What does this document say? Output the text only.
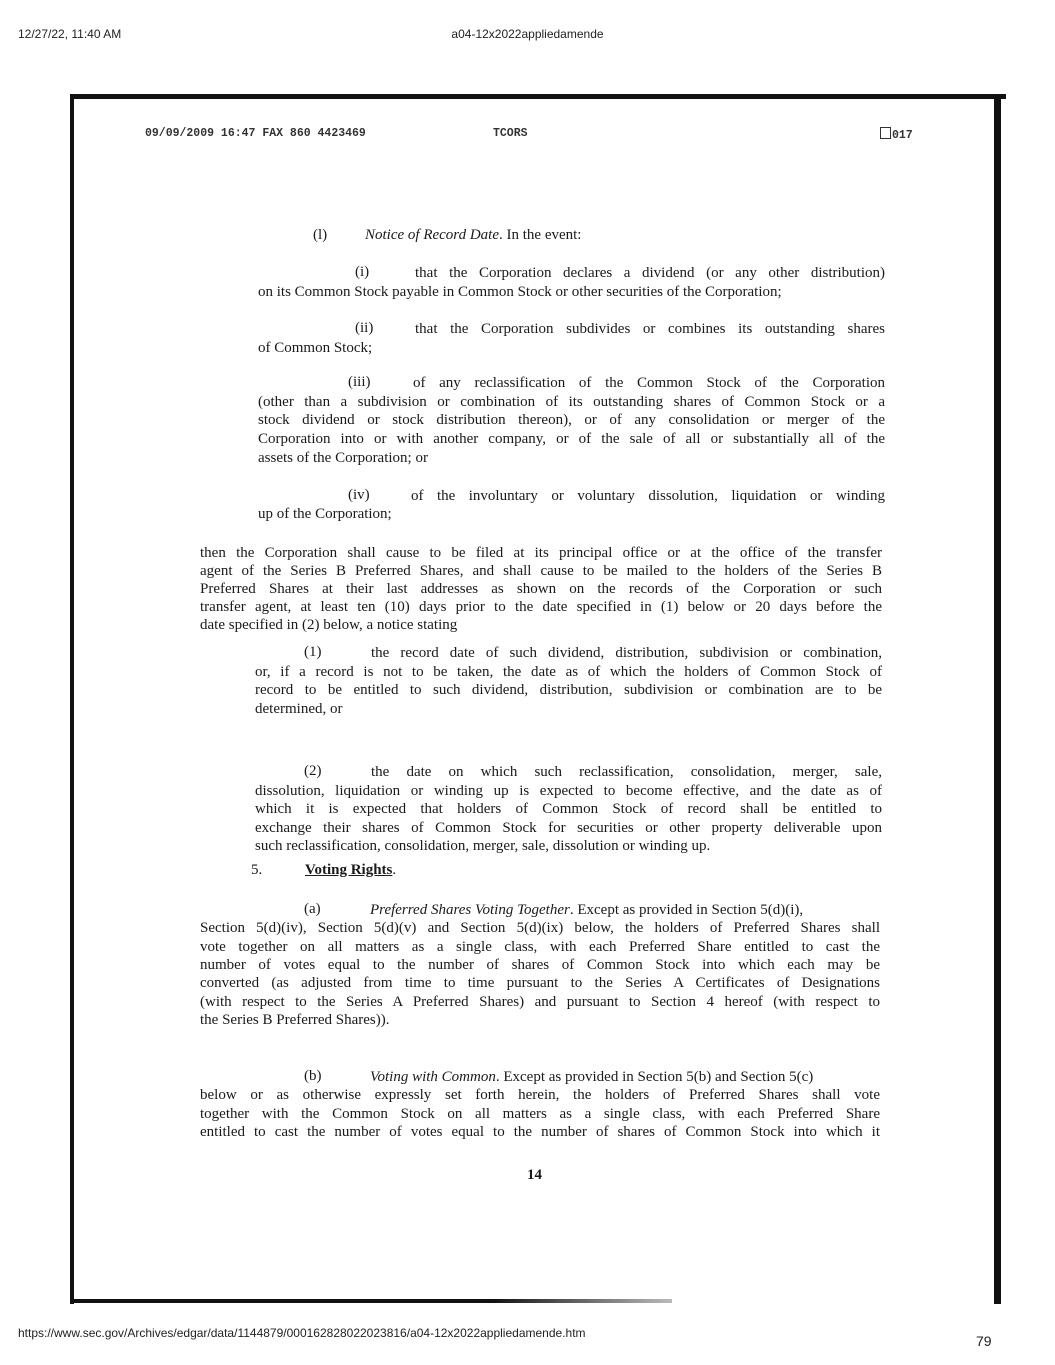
12/27/22, 11:40 AM	a04-12x2022appliedamende
https://www.sec.gov/Archives/edgar/data/1144879/000162828022023816/a04-12x2022appliedamende.htm	79
09/09/2009 16:47 FAX 860 4423469	TCORS	017
(l)	Notice of Record Date. In the event:
5.	Voting Rights.
14
(i)	that the Corporation declares a dividend (or any other distribution)
on its Common Stock payable in Common Stock or other securities of the Corporation;
(ii)	that the Corporation subdivides or combines its outstanding shares
of Common Stock;
(iii)	of any reclassification of the Common Stock of the Corporation
(other than a subdivision or combination of its outstanding shares of Common Stock or a
stock dividend or stock distribution thereon), or of any consolidation or merger of the
Corporation into or with another company, or of the sale of all or substantially all of the
assets of the Corporation; or
(iv)	of the involuntary or voluntary dissolution, liquidation or winding
up of the Corporation;
then the Corporation shall cause to be filed at its principal office or at the office of the transfer
agent of the Series B Preferred Shares, and shall cause to be mailed to the holders of the Series B
Preferred Shares at their last addresses as shown on the records of the Corporation or such
transfer agent, at least ten (10) days prior to the date specified in (1) below or 20 days before the
date specified in (2) below, a notice stating
(1)	the record date of such dividend, distribution, subdivision or combination,
or, if a record is not to be taken, the date as of which the holders of Common Stock of
record to be entitled to such dividend, distribution, subdivision or combination are to be
determined, or
(2)	the date on which such reclassification, consolidation, merger, sale,
dissolution, liquidation or winding up is expected to become effective, and the date as of
which it is expected that holders of Common Stock of record shall be entitled to
exchange their shares of Common Stock for securities or other property deliverable upon
such reclassification, consolidation, merger, sale, dissolution or winding up.
(a)	Preferred Shares Voting Together. Except as provided in Section 5(d)(i),
Section 5(d)(iv), Section 5(d)(v) and Section 5(d)(ix) below, the holders of Preferred Shares shall
vote together on all matters as a single class, with each Preferred Share entitled to cast the
number of votes equal to the number of shares of Common Stock into which each may be
converted (as adjusted from time to time pursuant to the Series A Certificates of Designations
(with respect to the Series A Preferred Shares) and pursuant to Section 4 hereof (with respect to
the Series B Preferred Shares)).
(b)	Voting with Common. Except as provided in Section 5(b) and Section 5(c)
below or as otherwise expressly set forth herein, the holders of Preferred Shares shall vote
together with the Common Stock on all matters as a single class, with each Preferred Share
entitled to cast the number of votes equal to the number of shares of Common Stock into which it
